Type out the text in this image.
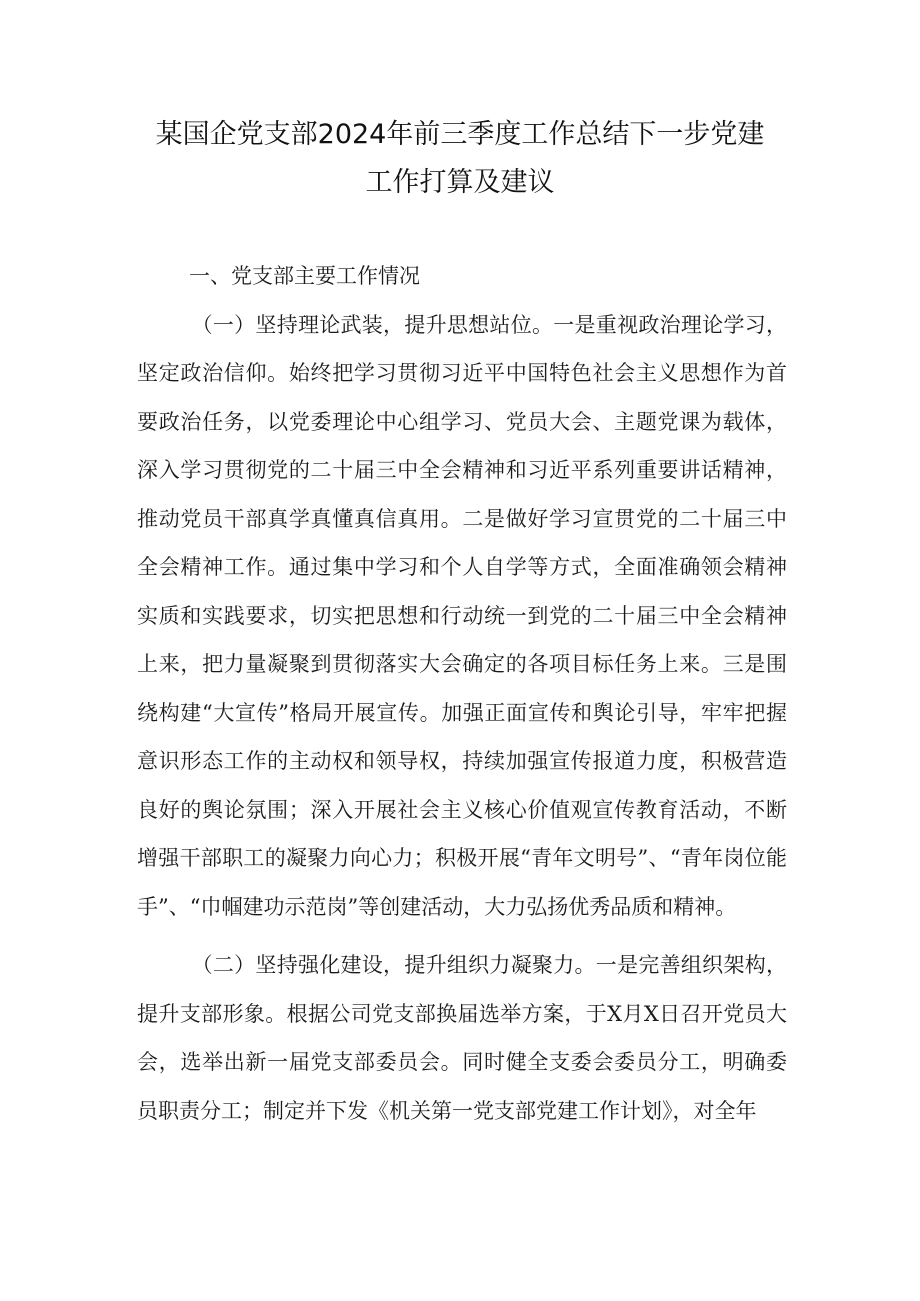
某国企党支部2024年前三季度工作总结下一步党建
工作打算及建议

一、党支部主要工作情况

（一）坚持理论武装，提升思想站位。一是重视政治理论学习，坚定政治信仰。始终把学习贯彻习近平中国特色社会主义思想作为首要政治任务，以党委理论中心组学习、党员大会、主题党课为载体，深入学习贯彻党的二十届三中全会精神和习近平系列重要讲话精神，推动党员干部真学真懂真信真用。二是做好学习宣贯党的二十届三中全会精神工作。通过集中学习和个人自学等方式，全面准确领会精神实质和实践要求，切实把思想和行动统一到党的二十届三中全会精神上来，把力量凝聚到贯彻落实大会确定的各项目标任务上来。三是围绕构建“大宣传”格局开展宣传。加强正面宣传和舆论引导，牢牢把握意识形态工作的主动权和领导权，持续加强宣传报道力度，积极营造良好的舆论氛围；深入开展社会主义核心价值观宣传教育活动，不断增强干部职工的凝聚力向心力；积极开展“青年文明号”、“青年岗位能手”、“巾帼建功示范岗”等创建活动，大力弘扬优秀品质和精神。

（二）坚持强化建设，提升组织力凝聚力。一是完善组织架构，提升支部形象。根据公司党支部换届选举方案，于X月X日召开党员大会，选举出新一届党支部委员会。同时健全支委会委员分工，明确委员职责分工；制定并下发《机关第一党支部党建工作计划》，对全年
